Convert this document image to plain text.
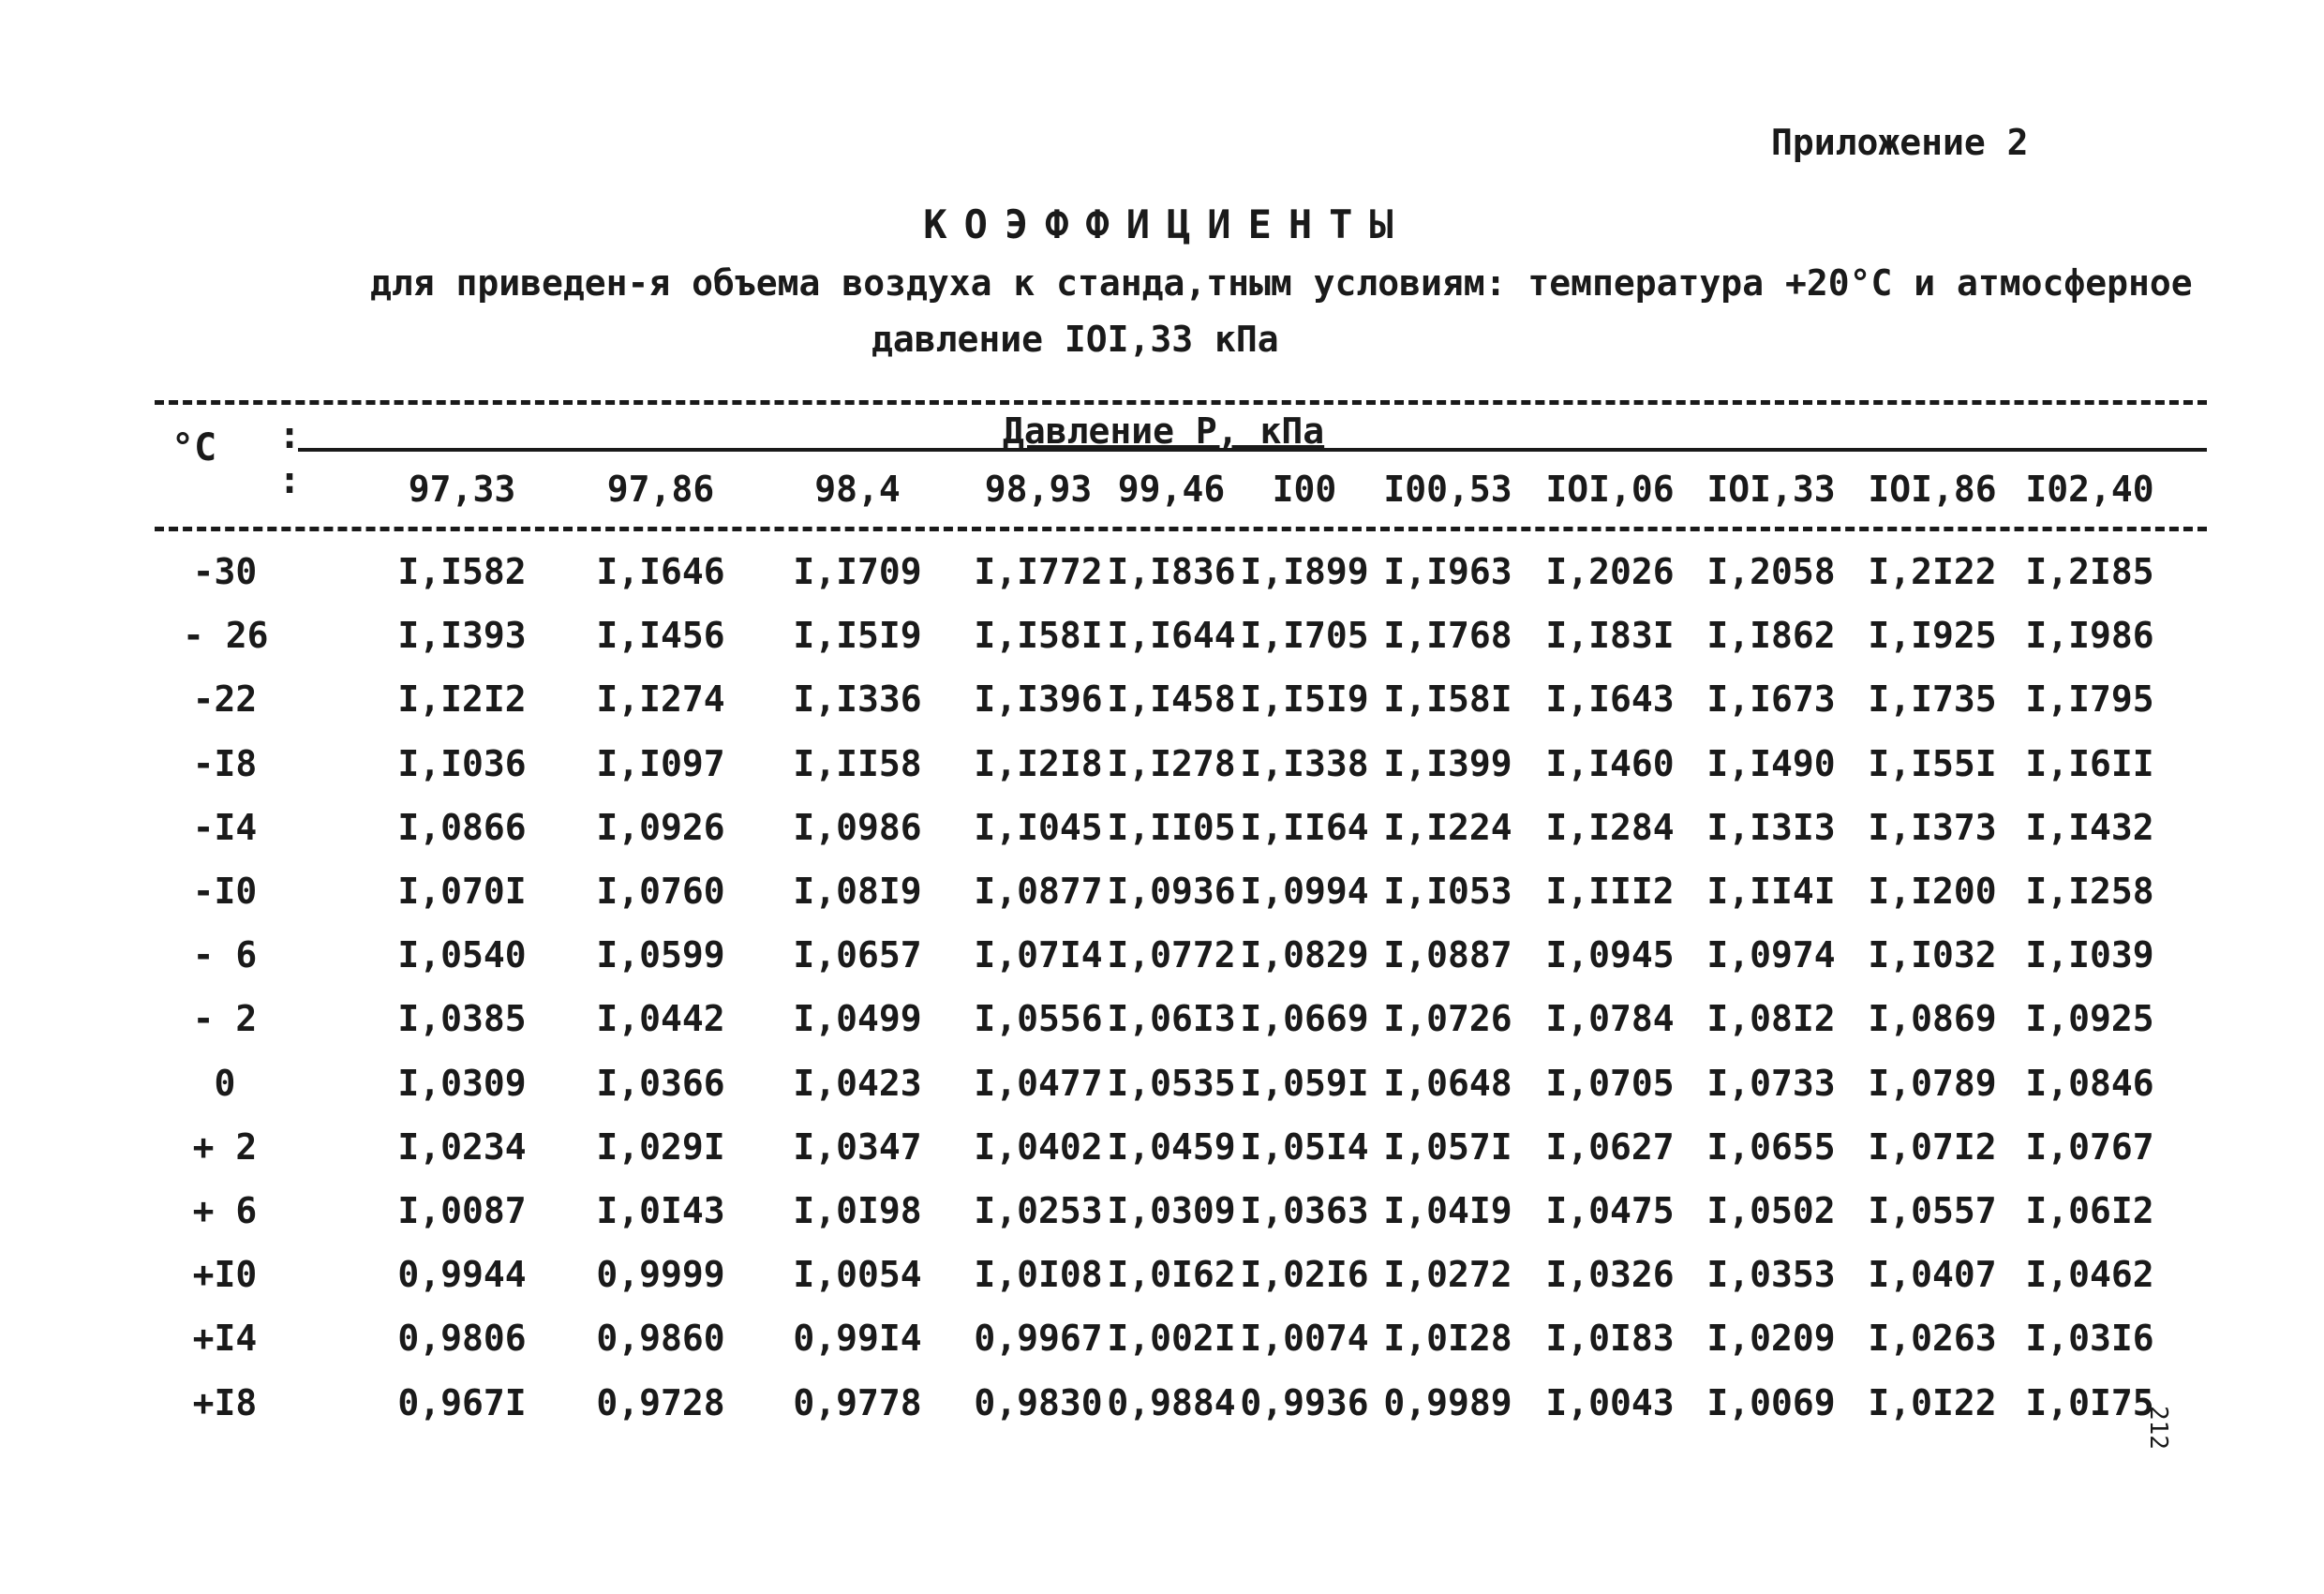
Приложение 2
КОЭФФИЦИЕНТЫ
для приведен‐я объема воздуха к станда,тным условиям: температура +20°C и атмосферное
давление IOI,33 кПа
:
:
°C	Давление P, кПа
97,33	97,86	98,4 98,93 99,46 I00 I00,53 IOI,06 IOI,33 IOI,86 I02,40
-30	I,I582 I,I646 I,I709 I,I772 I,I836 I,I899 I,I963 I,2026 I,2058 I,2I22 I,2I85
- 26	I,I393 I,I456 I,I5I9 I,I58I I,I644 I,I705 I,I768 I,I83I I,I862 I,I925 I,I986
-22	I,I2I2 I,I274 I,I336 I,I396 I,I458 I,I5I9 I,I58I I,I643 I,I673 I,I735 I,I795
-I8	I,I036 I,I097 I,II58 I,I2I8 I,I278 I,I338 I,I399 I,I460 I,I490 I,I55I I,I6II
-I4	I,0866 I,0926 I,0986 I,I045 I,II05 I,II64 I,I224 I,I284 I,I3I3 I,I373 I,I432
-I0	I,070I I,0760 I,08I9 I,0877 I,0936 I,0994 I,I053 I,III2 I,II4I I,I200 I,I258
- 6	I,0540 I,0599 I,0657 I,07I4 I,0772 I,0829 I,0887 I,0945 I,0974 I,I032 I,I039
- 2	I,0385 I,0442 I,0499 I,0556 I,06I3 I,0669 I,0726 I,0784 I,08I2 I,0869 I,0925
0	I,0309 I,0366 I,0423 I,0477 I,0535 I,059I I,0648 I,0705 I,0733 I,0789 I,0846
+ 2	I,0234 I,029I I,0347 I,0402 I,0459 I,05I4 I,057I I,0627 I,0655 I,07I2 I,0767
+ 6	I,0087 I,0I43 I,0I98 I,0253 I,0309 I,0363 I,04I9 I,0475 I,0502 I,0557 I,06I2
+I0	0,9944 0,9999 I,0054 I,0I08 I,0I62 I,02I6 I,0272 I,0326 I,0353 I,0407 I,0462
+I4	0,9806 0,9860 0,99I4 0,9967 I,002I I,0074 I,0I28 I,0I83 I,0209 I,0263 I,03I6
+I8	0,967I 0,9728 0,9778 0,9830 0,9884 0,9936 0,9989 I,0043 I,0069 I,0I22 I,0I75
212
